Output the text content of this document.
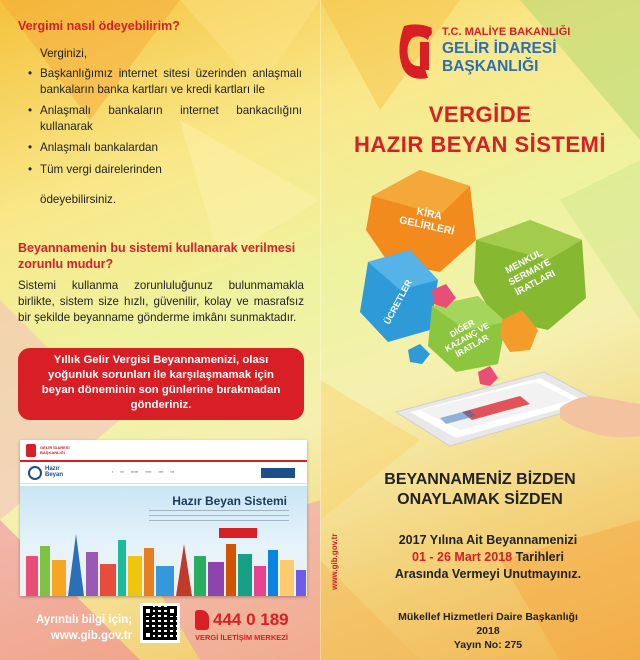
Vergimi nasıl ödeyebilirim?
Verginizi,
• Başkanlığımız internet sitesi üzerinden anlaşmalı bankaların banka kartları ve kredi kartları ile
• Anlaşmalı bankaların internet bankacılığını kullanarak
• Anlaşmalı bankalardan
• Tüm vergi dairelerinden
ödeyebilirsiniz.
Beyannamenin bu sistemi kullanarak verilmesi zorunlu mudur?
Sistemi kullanma zorunluluğunuz bulunmamakla birlikte, sistem size hızlı, güvenilir, kolay ve masrafsız bir şekilde beyanname gönderme imkânı sunmaktadır.
Yıllık Gelir Vergisi Beyannamenizi, olası yoğunluk sorunları ile karşılaşmamak için beyan döneminin son günlerine bırakmadan gönderiniz.
GELİR İDARESİ
BAŞKANLIĞI
Hazır
Beyan	▪ ▪▪▪ ▪▪▪▪▪▪ ▪▪▪▪▪ ▪▪▪▪ ▪▪▪
Hazır Beyan Sistemi
Ayrıntılı bilgi için;
www.gib.gov.tr
444 0 189
VERGİ İLETİŞİM MERKEZİ
T.C. MALİYE BAKANLIĞI
GELİR İDARESİ
BAŞKANLIĞI
VERGİDE
HAZIR BEYAN SİSTEMİ
KİRA GELİRLERİ
MENKUL SERMAYE İRATLARI
ÜCRETLER
DİĞER KAZANÇ VE İRATLAR
BEYANNAMENİZ BİZDEN
ONAYLAMAK SİZDEN
2017 Yılına Ait Beyannamenizi
01 - 26 Mart 2018 Tarihleri
Arasında Vermeyi Unutmayınız.
www.gib.gov.tr
Mükellef Hizmetleri Daire Başkanlığı
2018
Yayın No: 275
